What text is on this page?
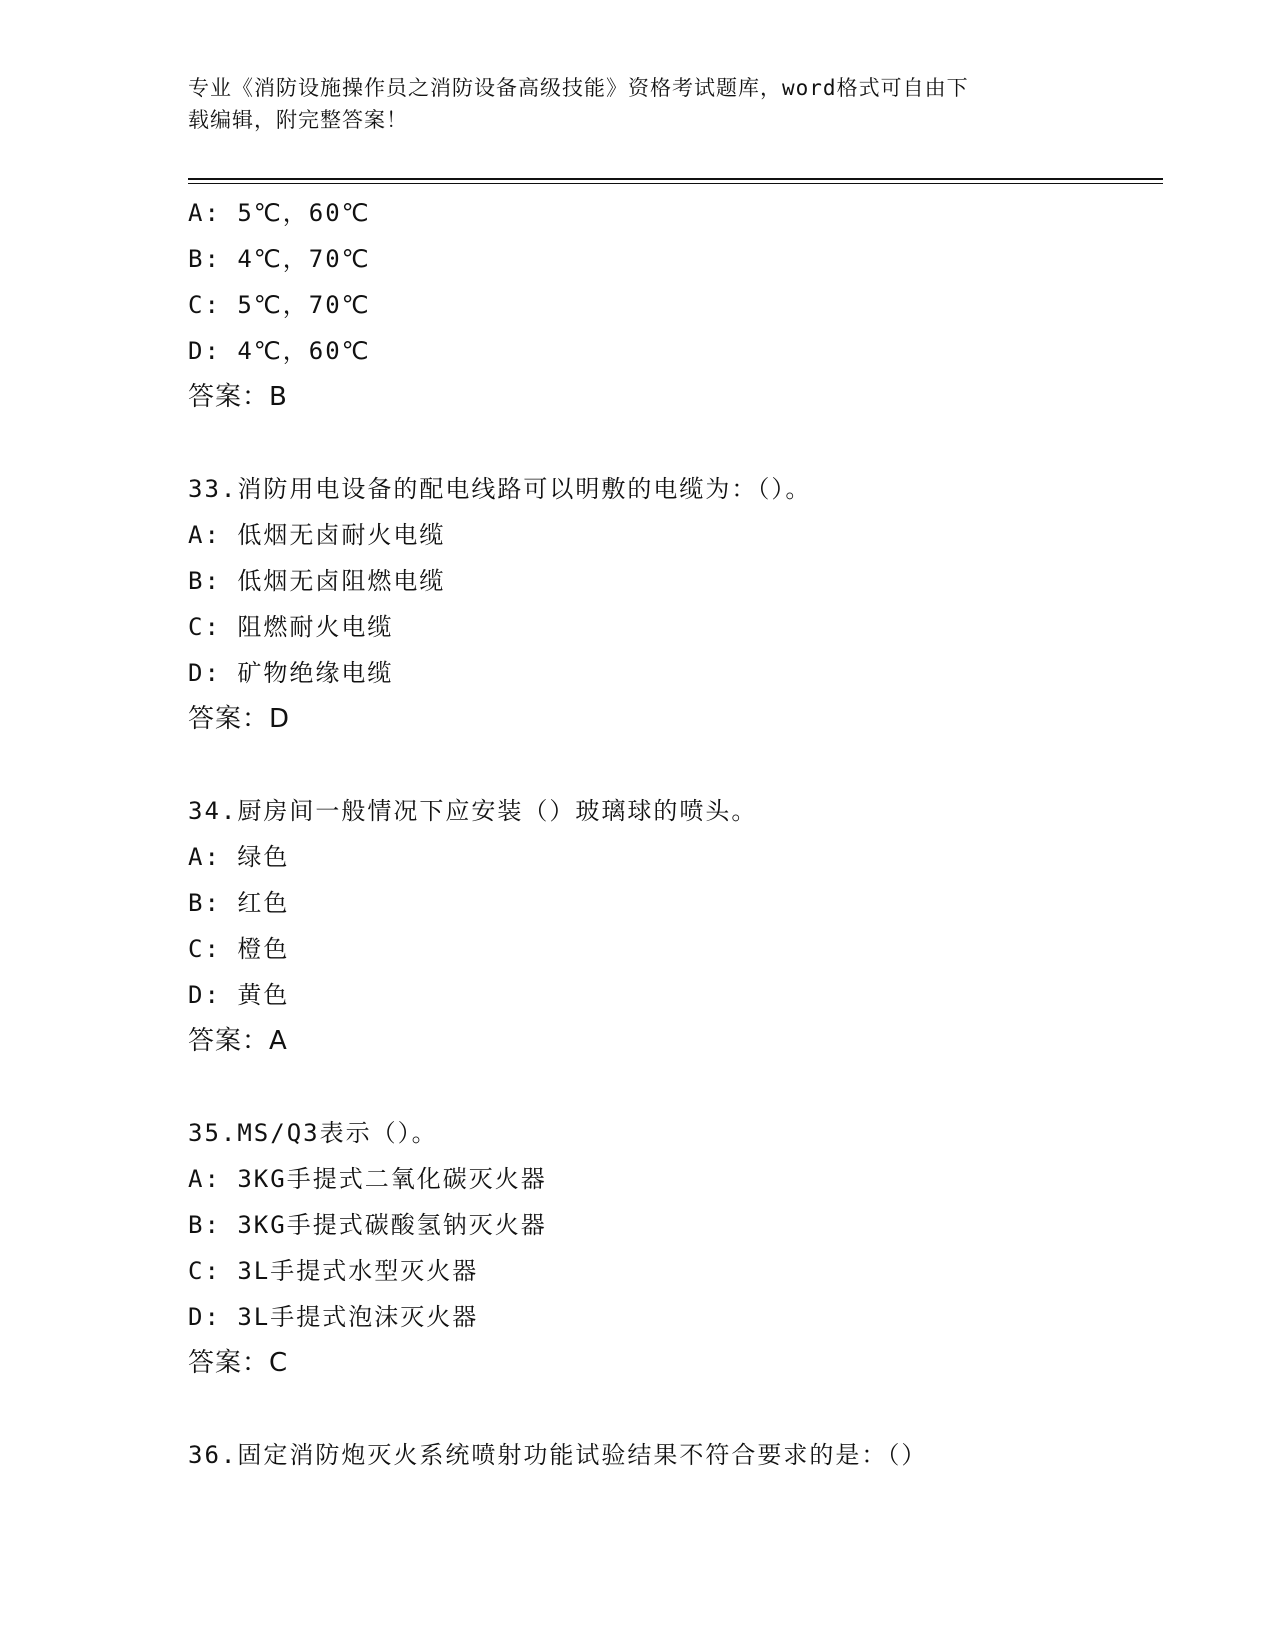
专业《消防设施操作员之消防设备高级技能》资格考试题库，word格式可自由下
载编辑，附完整答案！
A: 5℃，60℃
B: 4℃，70℃
C: 5℃，70℃
D: 4℃，60℃
答案：B
33.消防用电设备的配电线路可以明敷的电缆为：（）。
A: 低烟无卤耐火电缆
B: 低烟无卤阻燃电缆
C: 阻燃耐火电缆
D: 矿物绝缘电缆
答案：D
34.厨房间一般情况下应安装（）玻璃球的喷头。
A: 绿色
B: 红色
C: 橙色
D: 黄色
答案：A
35.MS/Q3表示（）。
A: 3KG手提式二氧化碳灭火器
B: 3KG手提式碳酸氢钠灭火器
C: 3L手提式水型灭火器
D: 3L手提式泡沫灭火器
答案：C
36.固定消防炮灭火系统喷射功能试验结果不符合要求的是：（）
